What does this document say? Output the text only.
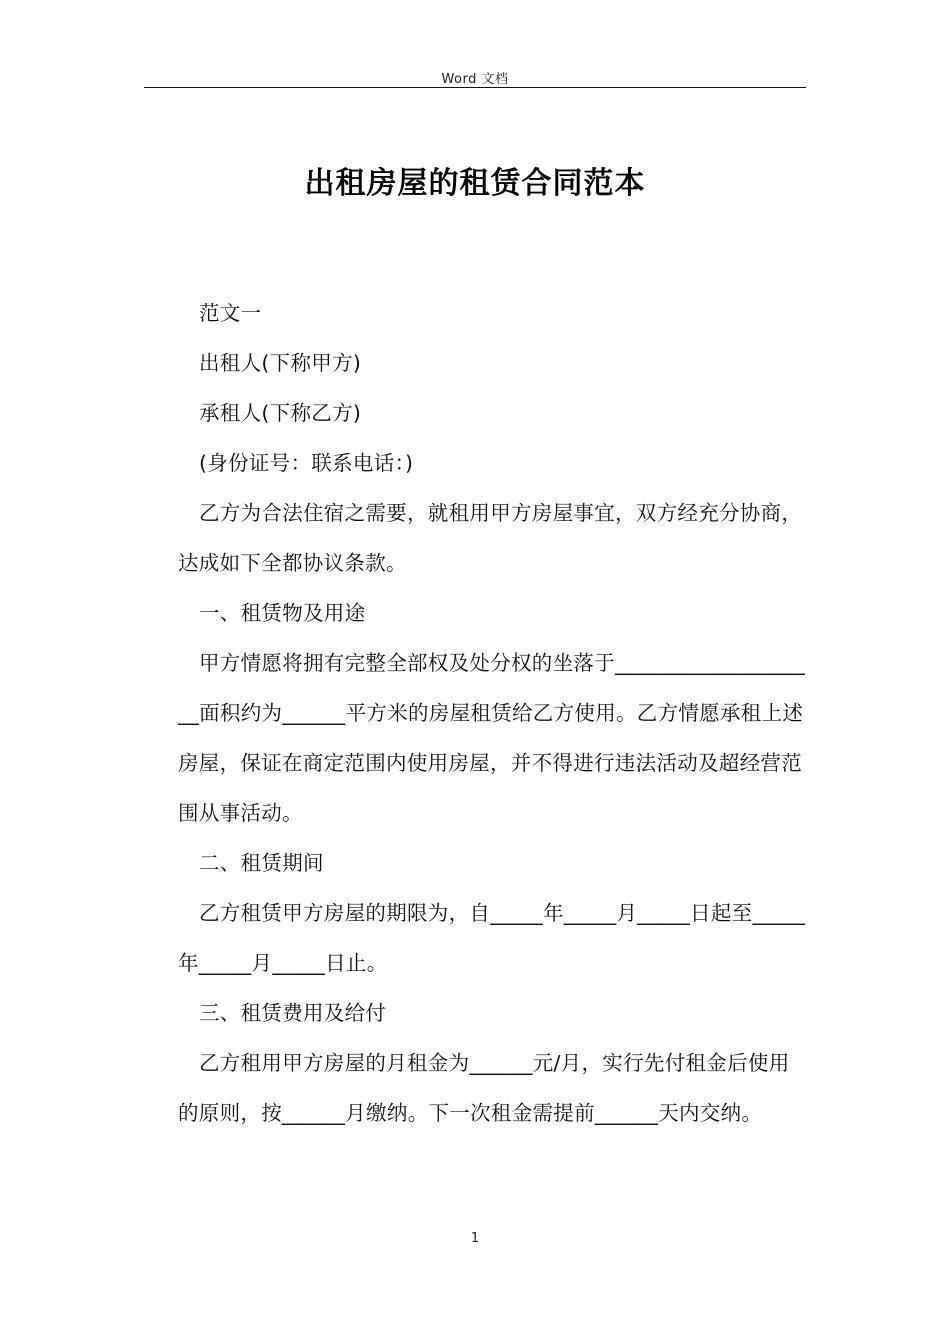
Word 文档
出租房屋的租赁合同范本

范文一

出租人(下称甲方)

承租人(下称乙方)

(身份证号：联系电话：)

乙方为合法住宿之需要，就租用甲方房屋事宜，双方经充分协商，达成如下全都协议条款。

一、租赁物及用途

甲方情愿将拥有完整全部权及处分权的坐落于____________________面积约为______平方米的房屋租赁给乙方使用。乙方情愿承租上述房屋，保证在商定范围内使用房屋，并不得进行违法活动及超经营范围从事活动。

二、租赁期间

乙方租赁甲方房屋的期限为，自_____年_____月_____日起至_____年_____月_____日止。

三、租赁费用及给付

乙方租用甲方房屋的月租金为______元/月，实行先付租金后使用的原则，按______月缴纳。下一次租金需提前______天内交纳。

1
